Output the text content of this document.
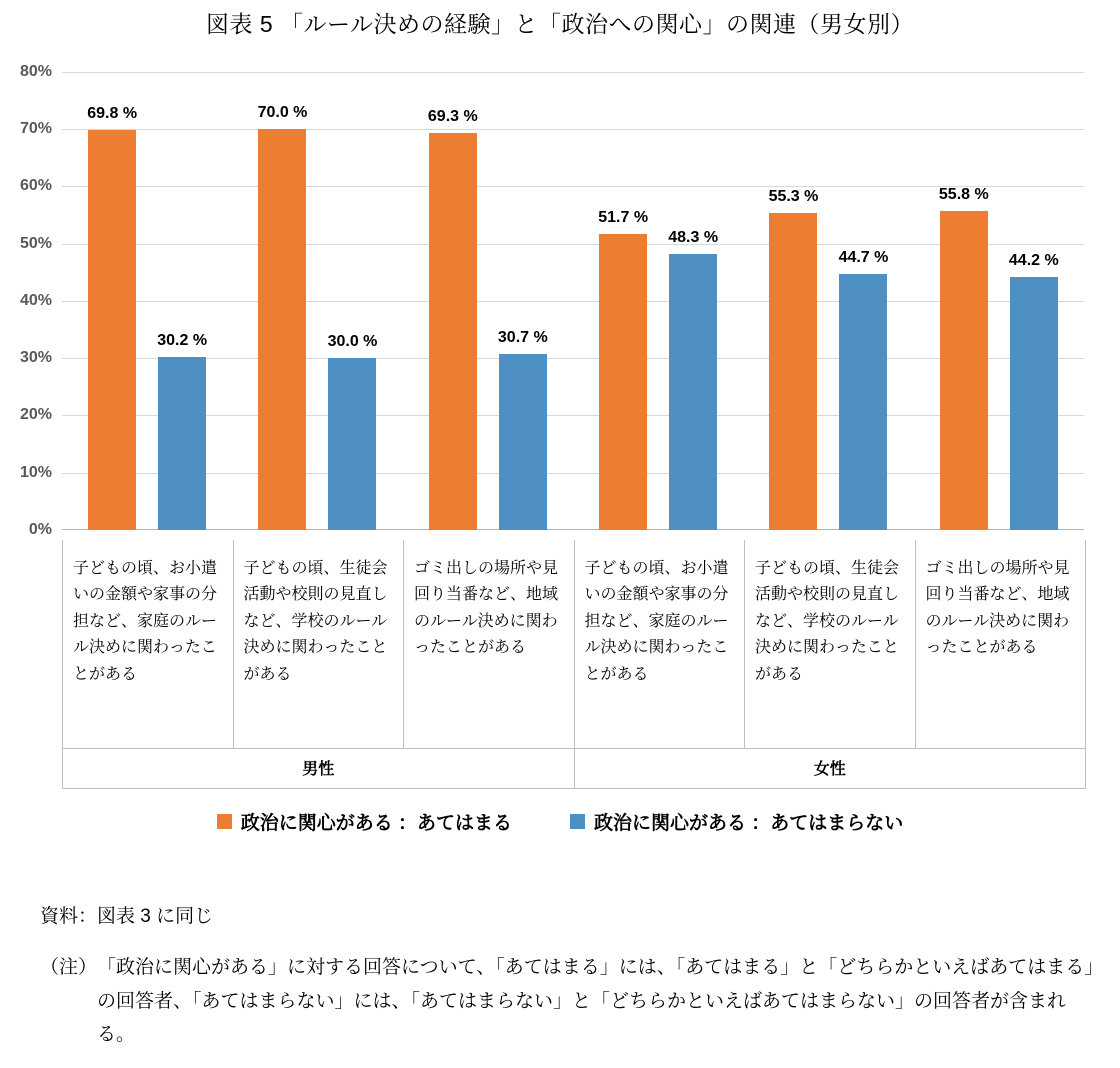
図表 5 「ルール決めの経験」と「政治への関心」の関連（男女別）
80%
70%
60%
50%
40%
30%
20%
10%
0%
69.8 %
30.2 %
70.0 %
30.0 %
69.3 %
30.7 %
51.7 %
48.3 %
55.3 %
44.7 %
55.8 %
44.2 %
子どもの頃、お小遣いの金額や家事の分担など、家庭のルール決めに関わったことがある
子どもの頃、生徒会活動や校則の見直しなど、学校のルール決めに関わったことがある
ゴミ出しの場所や見回り当番など、地域のルール決めに関わったことがある
子どもの頃、お小遣いの金額や家事の分担など、家庭のルール決めに関わったことがある
子どもの頃、生徒会活動や校則の見直しなど、学校のルール決めに関わったことがある
ゴミ出しの場所や見回り当番など、地域のルール決めに関わったことがある
男性	女性
政治に関心がある ：あてはまる	政治に関心がある ：あてはまらない
資料：図表 3 に同じ
（注） 「政治に関心がある」に対する回答について、「あてはまる」には、「あてはまる」と「どちらかといえばあてはまる」の回答者、「あてはまらない」には、「あてはまらない」と「どちらかといえばあてはまらない」の回答者が含まれる。
